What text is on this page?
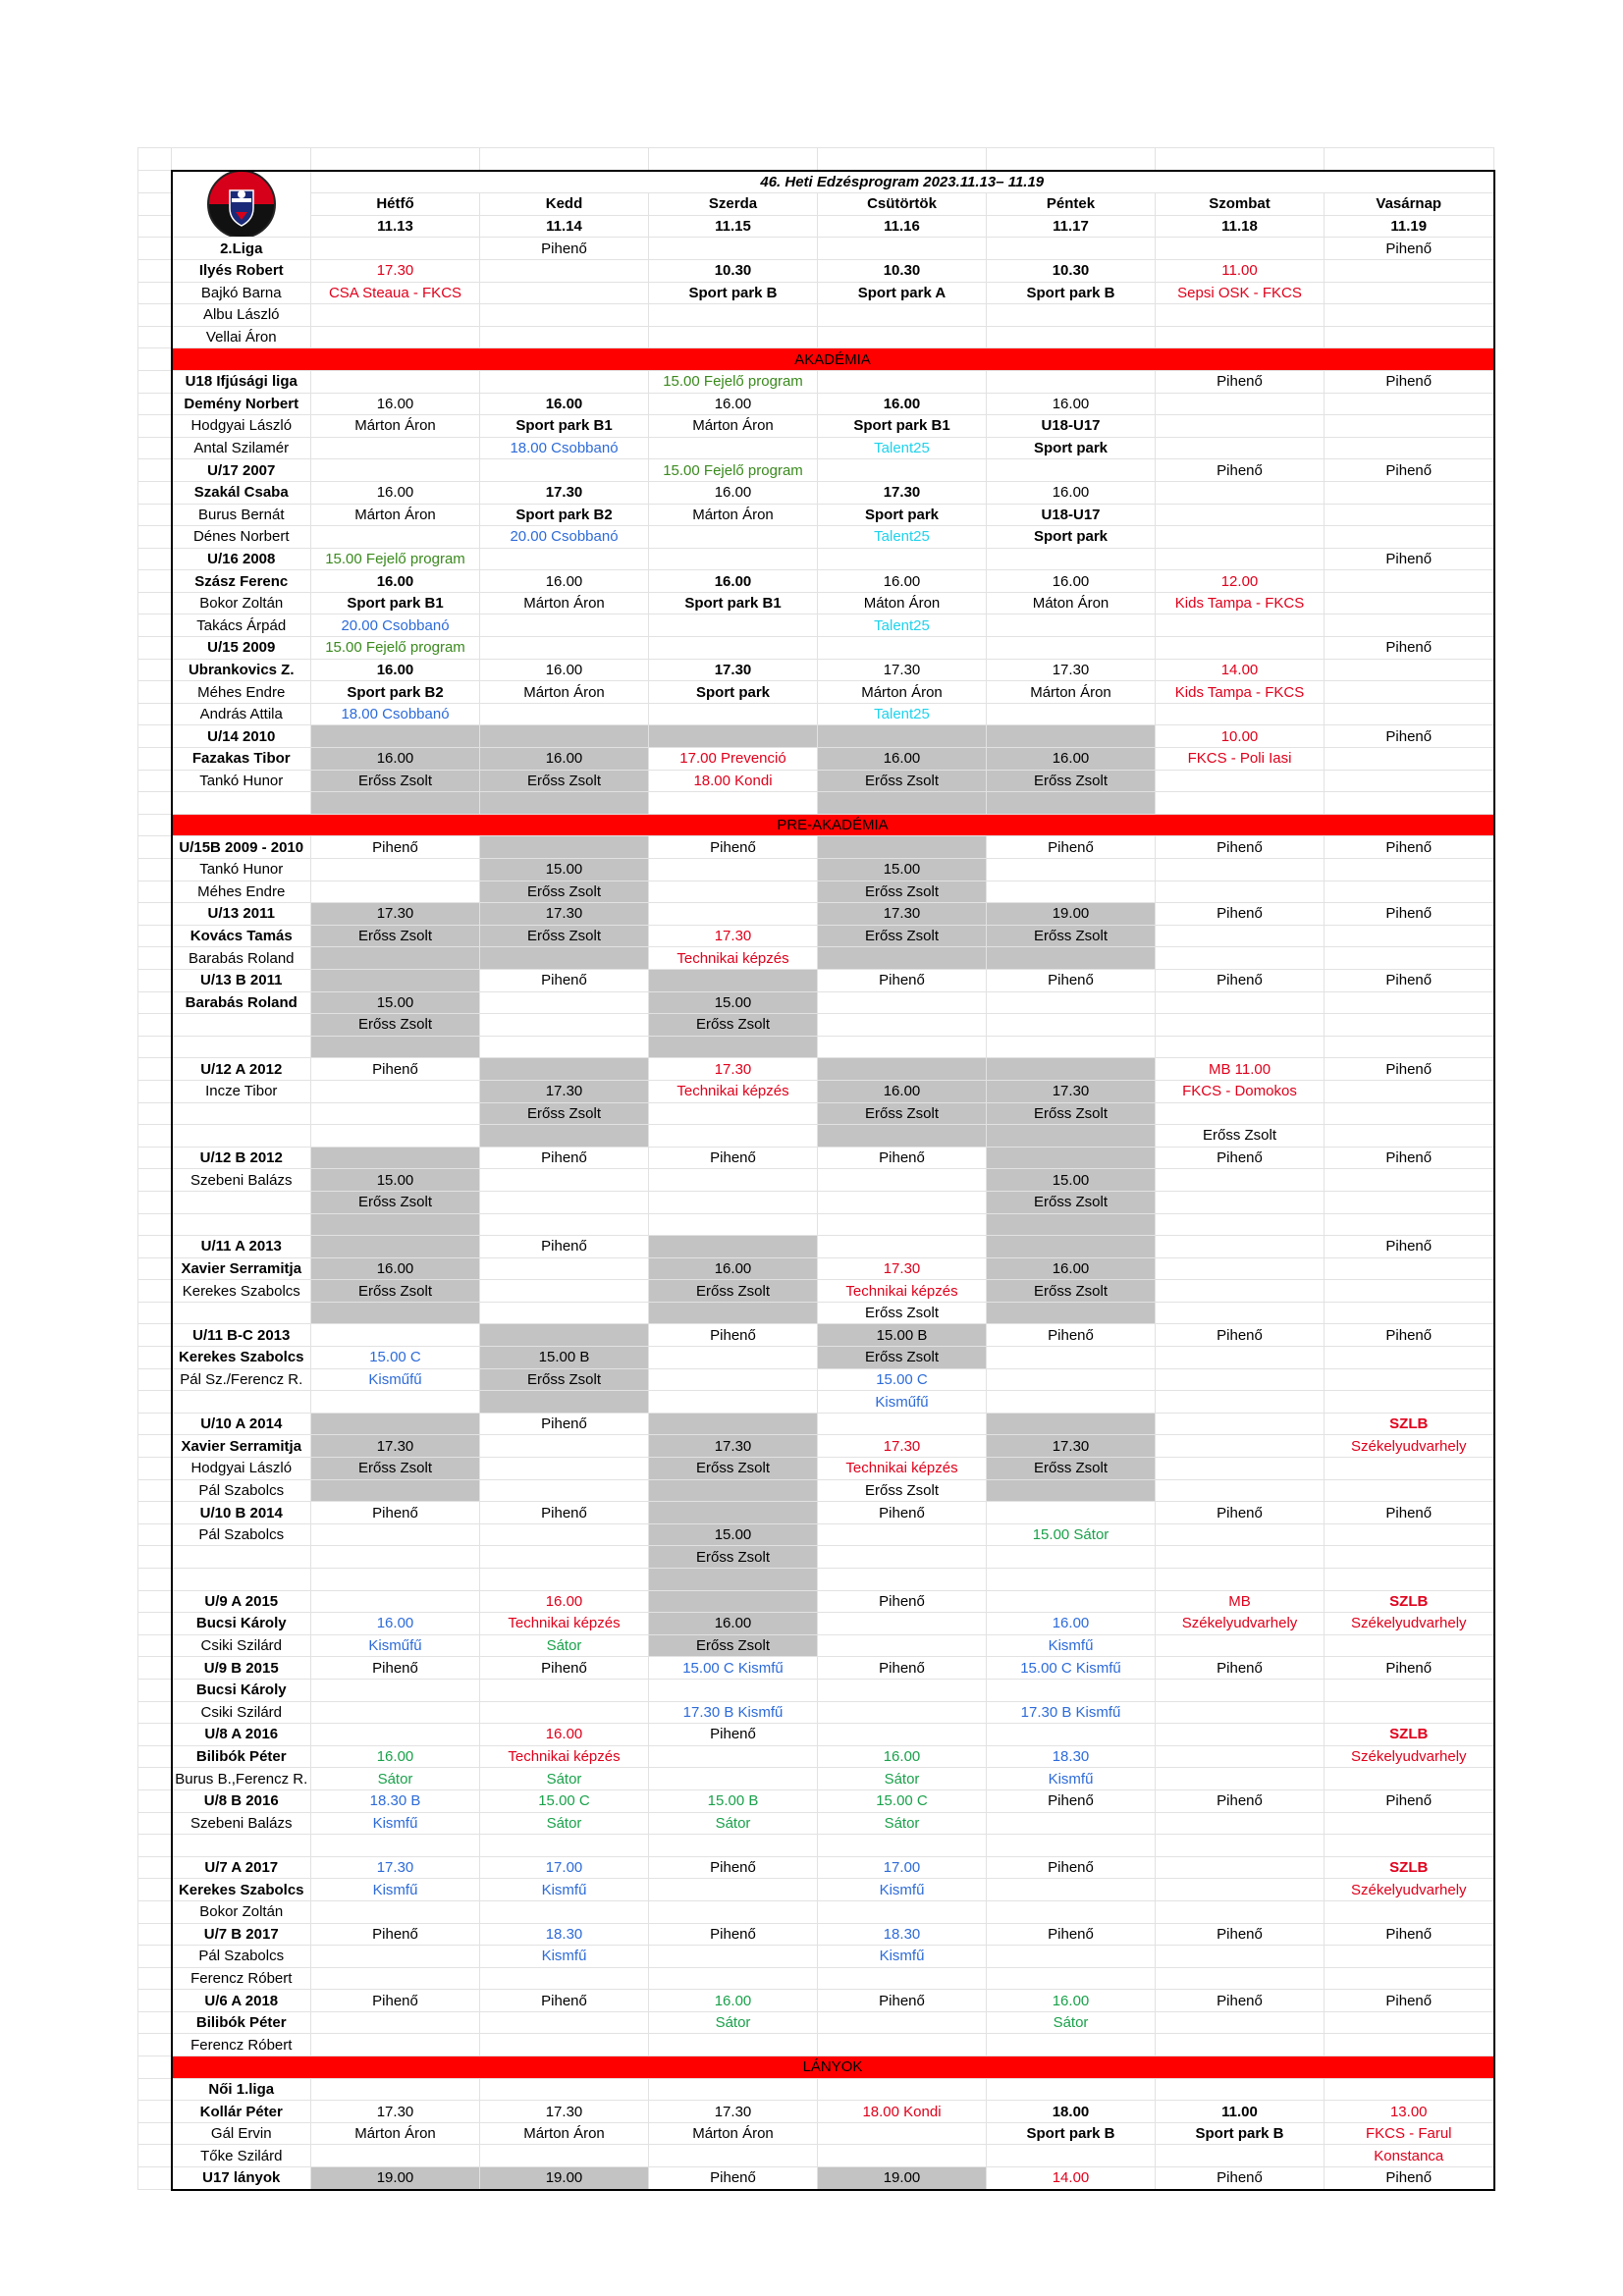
	46. Heti Edzésprogram 2023.11.13– 11.19						
		Hétfő	Kedd	Szerda	Csütörtök	Péntek	Szombat	Vasárnap
		11.13	11.14	11.15	11.16	11.17	11.18	11.19
	2.Liga		Pihenő					Pihenő
	Ilyés Robert	17.30		10.30	10.30	10.30	11.00	
	Bajkó Barna	CSA Steaua - FKCS		Sport park B	Sport park A	Sport park B	Sepsi OSK - FKCS	
	Albu László							
	Vellai Áron							
	AKADÉMIA							
	U18 Ifjúsági liga			15.00 Fejelő program			Pihenő	Pihenő
	Demény Norbert	16.00	16.00	16.00	16.00	16.00		
	Hodgyai László	Márton Áron	Sport park B1	Márton Áron	Sport park B1	U18-U17		
	Antal Szilamér		18.00 Csobbanó		Talent25	Sport park		
	U/17 2007			15.00 Fejelő program			Pihenő	Pihenő
	Szakál Csaba	16.00	17.30	16.00	17.30	16.00		
	Burus Bernát	Márton Áron	Sport park B2	Márton Áron	Sport park	U18-U17		
	Dénes Norbert		20.00 Csobbanó		Talent25	Sport park		
	U/16 2008	15.00 Fejelő program						Pihenő
	Szász Ferenc	16.00	16.00	16.00	16.00	16.00	12.00	
	Bokor Zoltán	Sport park B1	Márton Áron	Sport park B1	Máton Áron	Máton Áron	Kids Tampa - FKCS	
	Takács Árpád	20.00 Csobbanó			Talent25			
	U/15 2009	15.00 Fejelő program						Pihenő
	Ubrankovics Z.	16.00	16.00	17.30	17.30	17.30	14.00	
	Méhes Endre	Sport park B2	Márton Áron	Sport park	Márton Áron	Márton Áron	Kids Tampa - FKCS	
	András Attila	18.00 Csobbanó			Talent25			
	U/14 2010						10.00	Pihenő
	Fazakas Tibor	16.00	16.00	17.00 Prevenció	16.00	16.00	FKCS - Poli Iasi	
	Tankó Hunor	Erőss Zsolt	Erőss Zsolt	18.00 Kondi	Erőss Zsolt	Erőss Zsolt		

	PRE-AKADÉMIA							
	U/15B 2009 - 2010	Pihenő		Pihenő		Pihenő	Pihenő	Pihenő
	Tankó Hunor		15.00		15.00			
	Méhes Endre		Erőss Zsolt		Erőss Zsolt			
	U/13 2011	17.30	17.30		17.30	19.00	Pihenő	Pihenő
	Kovács Tamás	Erőss Zsolt	Erőss Zsolt	17.30	Erőss Zsolt	Erőss Zsolt		
	Barabás Roland			Technikai képzés				
	U/13 B 2011		Pihenő		Pihenő	Pihenő	Pihenő	Pihenő
	Barabás Roland	15.00		15.00				
		Erőss Zsolt		Erőss Zsolt				

	U/12 A 2012	Pihenő		17.30			MB 11.00	Pihenő
	Incze Tibor		17.30	Technikai képzés	16.00	17.30	FKCS - Domokos	
			Erőss Zsolt		Erőss Zsolt	Erőss Zsolt		
							Erőss Zsolt	
	U/12 B 2012		Pihenő	Pihenő	Pihenő		Pihenő	Pihenő
	Szebeni Balázs	15.00				15.00		
		Erőss Zsolt				Erőss Zsolt		

	U/11 A 2013		Pihenő					Pihenő
	Xavier Serramitja	16.00		16.00	17.30	16.00		
	Kerekes Szabolcs	Erőss Zsolt		Erőss Zsolt	Technikai képzés	Erőss Zsolt		
					Erőss Zsolt			
	U/11 B-C 2013			Pihenő	15.00 B	Pihenő	Pihenő	Pihenő
	Kerekes Szabolcs	15.00 C	15.00 B		Erőss Zsolt			
	Pál Sz./Ferencz R.	Kisműfű	Erőss Zsolt		15.00 C			
					Kisműfű			
	U/10 A 2014		Pihenő					SZLB
	Xavier Serramitja	17.30		17.30	17.30	17.30		Székelyudvarhely
	Hodgyai László	Erőss Zsolt		Erőss Zsolt	Technikai képzés	Erőss Zsolt		
	Pál Szabolcs				Erőss Zsolt			
	U/10 B 2014	Pihenő	Pihenő		Pihenő		Pihenő	Pihenő
	Pál Szabolcs			15.00		15.00 Sátor		
				Erőss Zsolt				

	U/9 A 2015		16.00		Pihenő		MB	SZLB
	Bucsi Károly	16.00	Technikai képzés	16.00		16.00	Székelyudvarhely	Székelyudvarhely
	Csiki Szilárd	Kisműfű	Sátor	Erőss Zsolt		Kismfű		
	U/9 B 2015	Pihenő	Pihenő	15.00 C Kismfű	Pihenő	15.00 C Kismfű	Pihenő	Pihenő
	Bucsi Károly							
	Csiki Szilárd			17.30 B Kismfű		17.30 B Kismfű		
	U/8 A 2016		16.00	Pihenő				SZLB
	Bilibók Péter	16.00	Technikai képzés		16.00	18.30		Székelyudvarhely
	Burus B.,Ferencz R.	Sátor	Sátor		Sátor	Kismfű		
	U/8 B 2016	18.30 B	15.00 C	15.00 B	15.00 C	Pihenő	Pihenő	Pihenő
	Szebeni Balázs	Kismfű	Sátor	Sátor	Sátor			

	U/7 A 2017	17.30	17.00	Pihenő	17.00	Pihenő		SZLB
	Kerekes Szabolcs	Kismfű	Kismfű		Kismfű			Székelyudvarhely
	Bokor Zoltán							
	U/7 B 2017	Pihenő	18.30	Pihenő	18.30	Pihenő	Pihenő	Pihenő
	Pál Szabolcs		Kismfű		Kismfű			
	Ferencz Róbert							
	U/6 A 2018	Pihenő	Pihenő	16.00	Pihenő	16.00	Pihenő	Pihenő
	Bilibók Péter			Sátor		Sátor		
	Ferencz Róbert							
	LÁNYOK							
	Női 1.liga							
	Kollár Péter	17.30	17.30	17.30	18.00 Kondi	18.00	11.00	13.00
	Gál Ervin	Márton Áron	Márton Áron	Márton Áron		Sport park B	Sport park B	FKCS - Farul
	Tőke Szilárd							Konstanca
	U17 lányok	19.00	19.00	Pihenő	19.00	14.00	Pihenő	Pihenő
